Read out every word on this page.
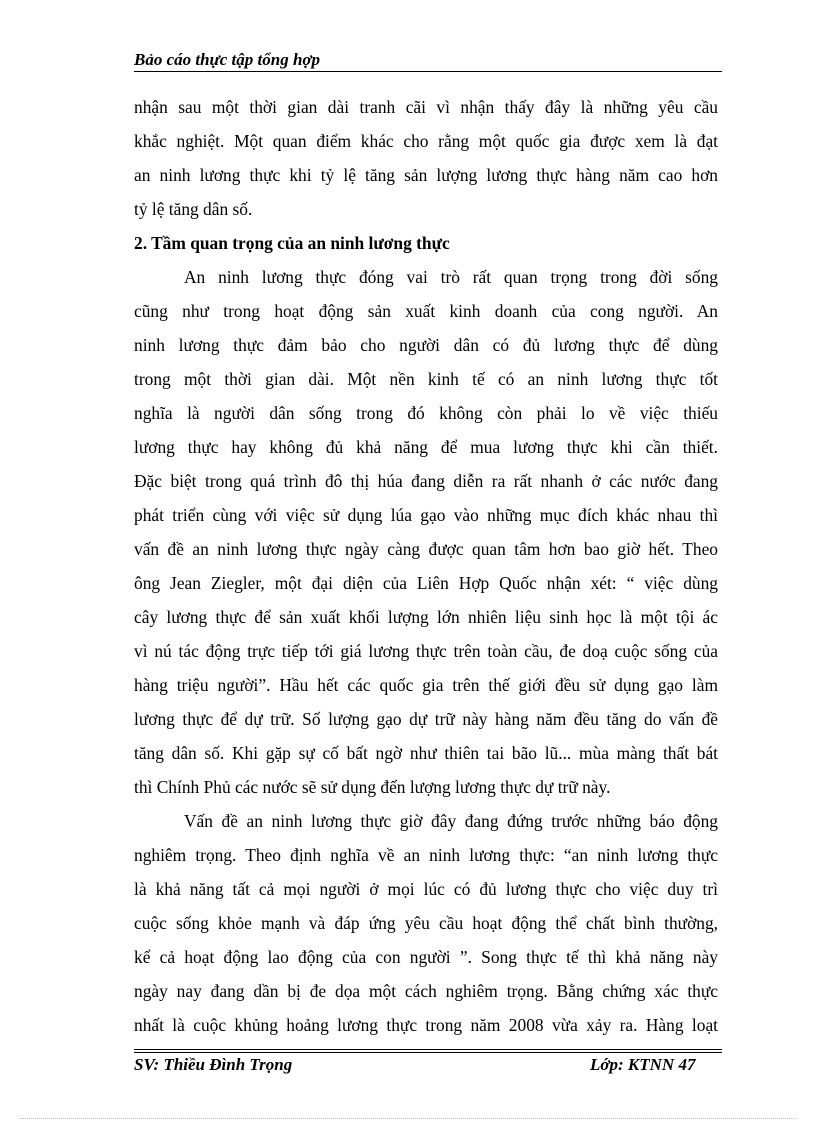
Bảo cáo thực tập tổng hợp
nhận sau một thời gian dài tranh cãi vì nhận thấy đây là những yêu cầu
khắc nghiệt. Một quan điểm khác cho rằng một quốc gia được xem là đạt
an ninh lương thực khi tỷ lệ tăng sản lượng lương thực hàng năm cao hơn
tỷ lệ tăng dân số.
2. Tầm quan trọng của an ninh lương thực
An ninh lương thực đóng vai trò rất quan trọng trong đời sống
cũng như trong hoạt động sản xuất kinh doanh của cong người. An
ninh lương thực đảm bảo cho người dân có đủ lương thực để dùng
trong một thời gian dài. Một nền kinh tế có an ninh lương thực tốt
nghĩa là người dân sống trong đó không còn phải lo về việc thiếu
lương thực hay không đủ khả năng để mua lương thực khi cần thiết.
Đặc biệt trong quá trình đô thị húa đang diễn ra rất nhanh ở các nước đang
phát triển cùng với việc sử dụng lúa gạo vào những mục đích khác nhau thì
vấn đề an ninh lương thực ngày càng được quan tâm hơn bao giờ hết. Theo
ông Jean Ziegler, một đại diện của Liên Hợp Quốc nhận xét: “ việc dùng
cây lương thực để sản xuất khối lượng lớn nhiên liệu sinh học là một tội ác
vì nú tác động trực tiếp tới giá lương thực trên toàn cầu, đe doạ cuộc sống của
hàng triệu người”. Hầu hết các quốc gia trên thế giới đều sử dụng gạo làm
lương thực để dự trữ. Số lượng gạo dự trữ này hàng năm đều tăng do vấn đề
tăng dân số. Khi gặp sự cố bất ngờ như thiên tai bão lũ... mùa màng thất bát
thì Chính Phủ các nước sẽ sử dụng đến lượng lương thực dự trữ này.
Vấn đề an ninh lương thực giờ đây đang đứng trước những báo động
nghiêm trọng. Theo định nghĩa về an ninh lương thực: “an ninh lương thực
là khả năng tất cả mọi người ở mọi lúc có đủ lương thực cho việc duy trì
cuộc sống khỏe mạnh và đáp ứng yêu cầu hoạt động thể chất bình thường,
kể cả hoạt động lao động của con người ”. Song thực tế thì khả năng này
ngày nay đang dần bị đe dọa một cách nghiêm trọng. Bằng chứng xác thực
nhất là cuộc khủng hoảng lương thực trong năm 2008 vừa xảy ra. Hàng loạt
SV: Thiều Đình Trọng	Lớp: KTNN 47
